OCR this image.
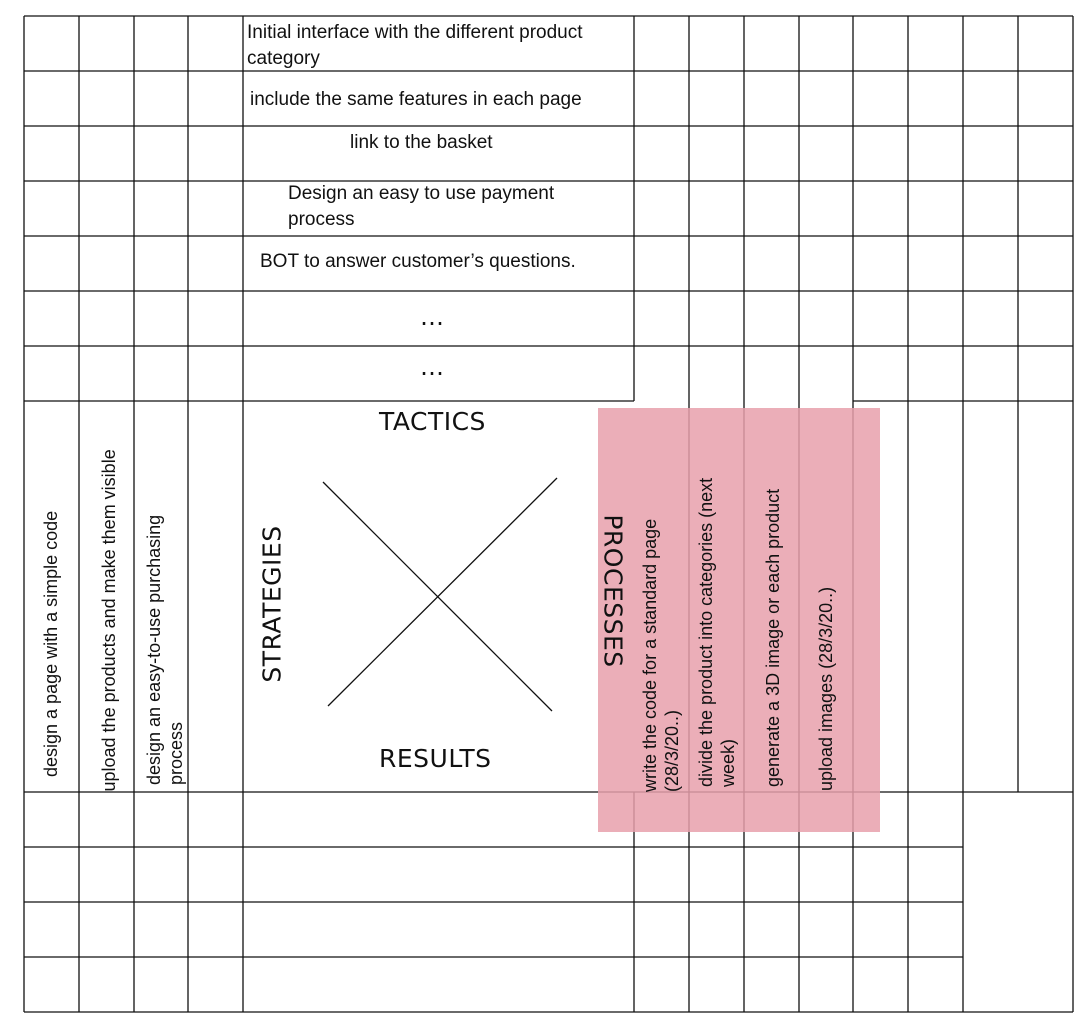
Initial interface with the different product category
include the same features in each page
link to the basket
Design an easy to use payment process
BOT to answer customer’s questions.
…
…
TACTICS
RESULTS
STRATEGIES	PROCESSES
design a page with a simple code upload the products and make them visible design an easy-to-use purchasing process	write the code for a standard page (28/3/20..) divide the product into categories (next week) generate a 3D image or each product upload images (28/3/20..)
